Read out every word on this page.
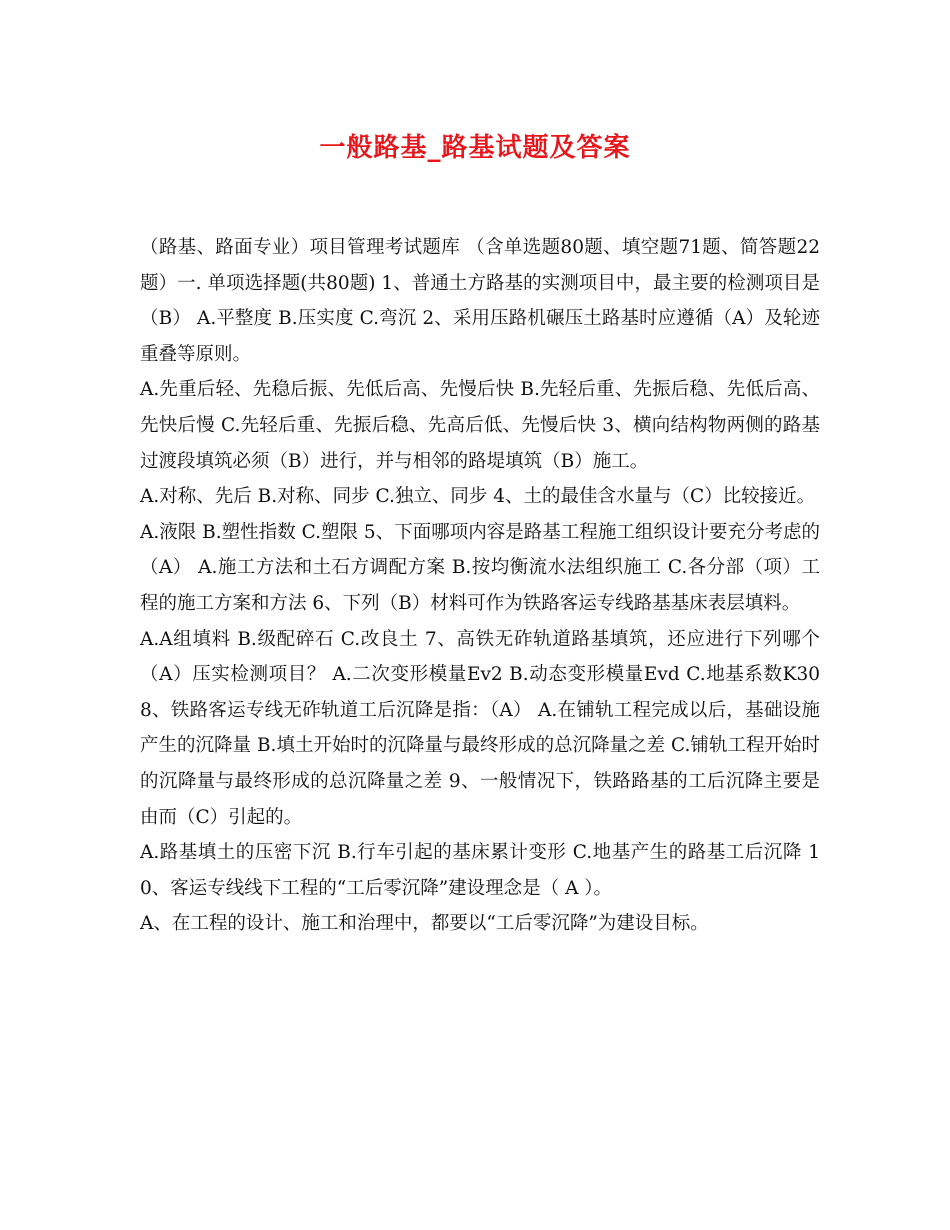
一般路基_路基试题及答案

（路基、路面专业）项目管理考试题库 （含单选题80题、填空题71题、简答题22题）一. 单项选择题(共80题) 1、普通土方路基的实测项目中，最主要的检测项目是（B） A.平整度 B.压实度 C.弯沉 2、采用压路机碾压土路基时应遵循（A）及轮迹重叠等原则。

A.先重后轻、先稳后振、先低后高、先慢后快 B.先轻后重、先振后稳、先低后高、先快后慢 C.先轻后重、先振后稳、先高后低、先慢后快 3、横向结构物两侧的路基过渡段填筑必须（B）进行，并与相邻的路堤填筑（B）施工。

A.对称、先后 B.对称、同步 C.独立、同步 4、土的最佳含水量与（C）比较接近。

A.液限 B.塑性指数 C.塑限 5、下面哪项内容是路基工程施工组织设计要充分考虑的（A） A.施工方法和土石方调配方案 B.按均衡流水法组织施工 C.各分部（项）工程的施工方案和方法 6、下列（B）材料可作为铁路客运专线路基基床表层填料。

A.A组填料 B.级配碎石 C.改良土 7、高铁无砟轨道路基填筑，还应进行下列哪个（A）压实检测项目？ A.二次变形模量Ev2 B.动态变形模量Evd C.地基系数K30 8、铁路客运专线无砟轨道工后沉降是指：（A） A.在铺轨工程完成以后，基础设施产生的沉降量 B.填土开始时的沉降量与最终形成的总沉降量之差 C.铺轨工程开始时的沉降量与最终形成的总沉降量之差 9、一般情况下，铁路路基的工后沉降主要是由而（C）引起的。

A.路基填土的压密下沉 B.行车引起的基床累计变形 C.地基产生的路基工后沉降 10、客运专线线下工程的“工后零沉降”建设理念是（ A ）。

A、在工程的设计、施工和治理中，都要以“工后零沉降”为建设目标。
